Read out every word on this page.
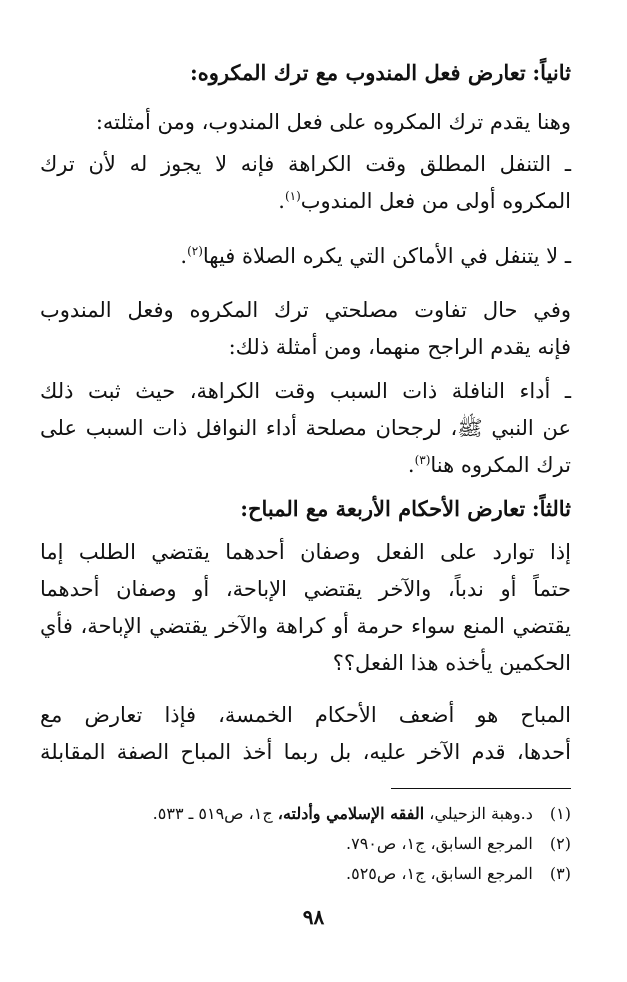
ثانياً: تعارض فعل المندوب مع ترك المكروه:
وهنا يقدم ترك المكروه على فعل المندوب، ومن أمثلته:
ـ التنفل المطلق وقت الكراهة فإنه لا يجوز له لأن ترك
المكروه أولى من فعل المندوب$^{(١)}$.
ـ لا يتنفل في الأماكن التي يكره الصلاة فيها$^{(٢)}$.
وفي حال تفاوت مصلحتي ترك المكروه وفعل المندوب
فإنه يقدم الراجح منهما، ومن أمثلة ذلك:
ـ أداء النافلة ذات السبب وقت الكراهة، حيث ثبت ذلك
عن النبي ﷺ، لرجحان مصلحة أداء النوافل ذات السبب على
ترك المكروه هنا$^{(٣)}$.
ثالثاً: تعارض الأحكام الأربعة مع المباح:
إذا توارد على الفعل وصفان أحدهما يقتضي الطلب إما
حتماً أو ندباً، والآخر يقتضي الإباحة، أو وصفان أحدهما
يقتضي المنع سواء حرمة أو كراهة والآخر يقتضي الإباحة، فأي
الحكمين يأخذه هذا الفعل؟؟
المباح هو أضعف الأحكام الخمسة، فإذا تعارض مع
أحدها، قدم الآخر عليه، بل ربما أخذ المباح الصفة المقابلة
(١) د.وهبة الزحيلي، الفقه الإسلامي وأدلته، ج١، ص٥١٩ ـ ٥٣٣.
(٢) المرجع السابق، ج١، ص٧٩٠.
(٣) المرجع السابق، ج١، ص٥٢٥.
٩٨
